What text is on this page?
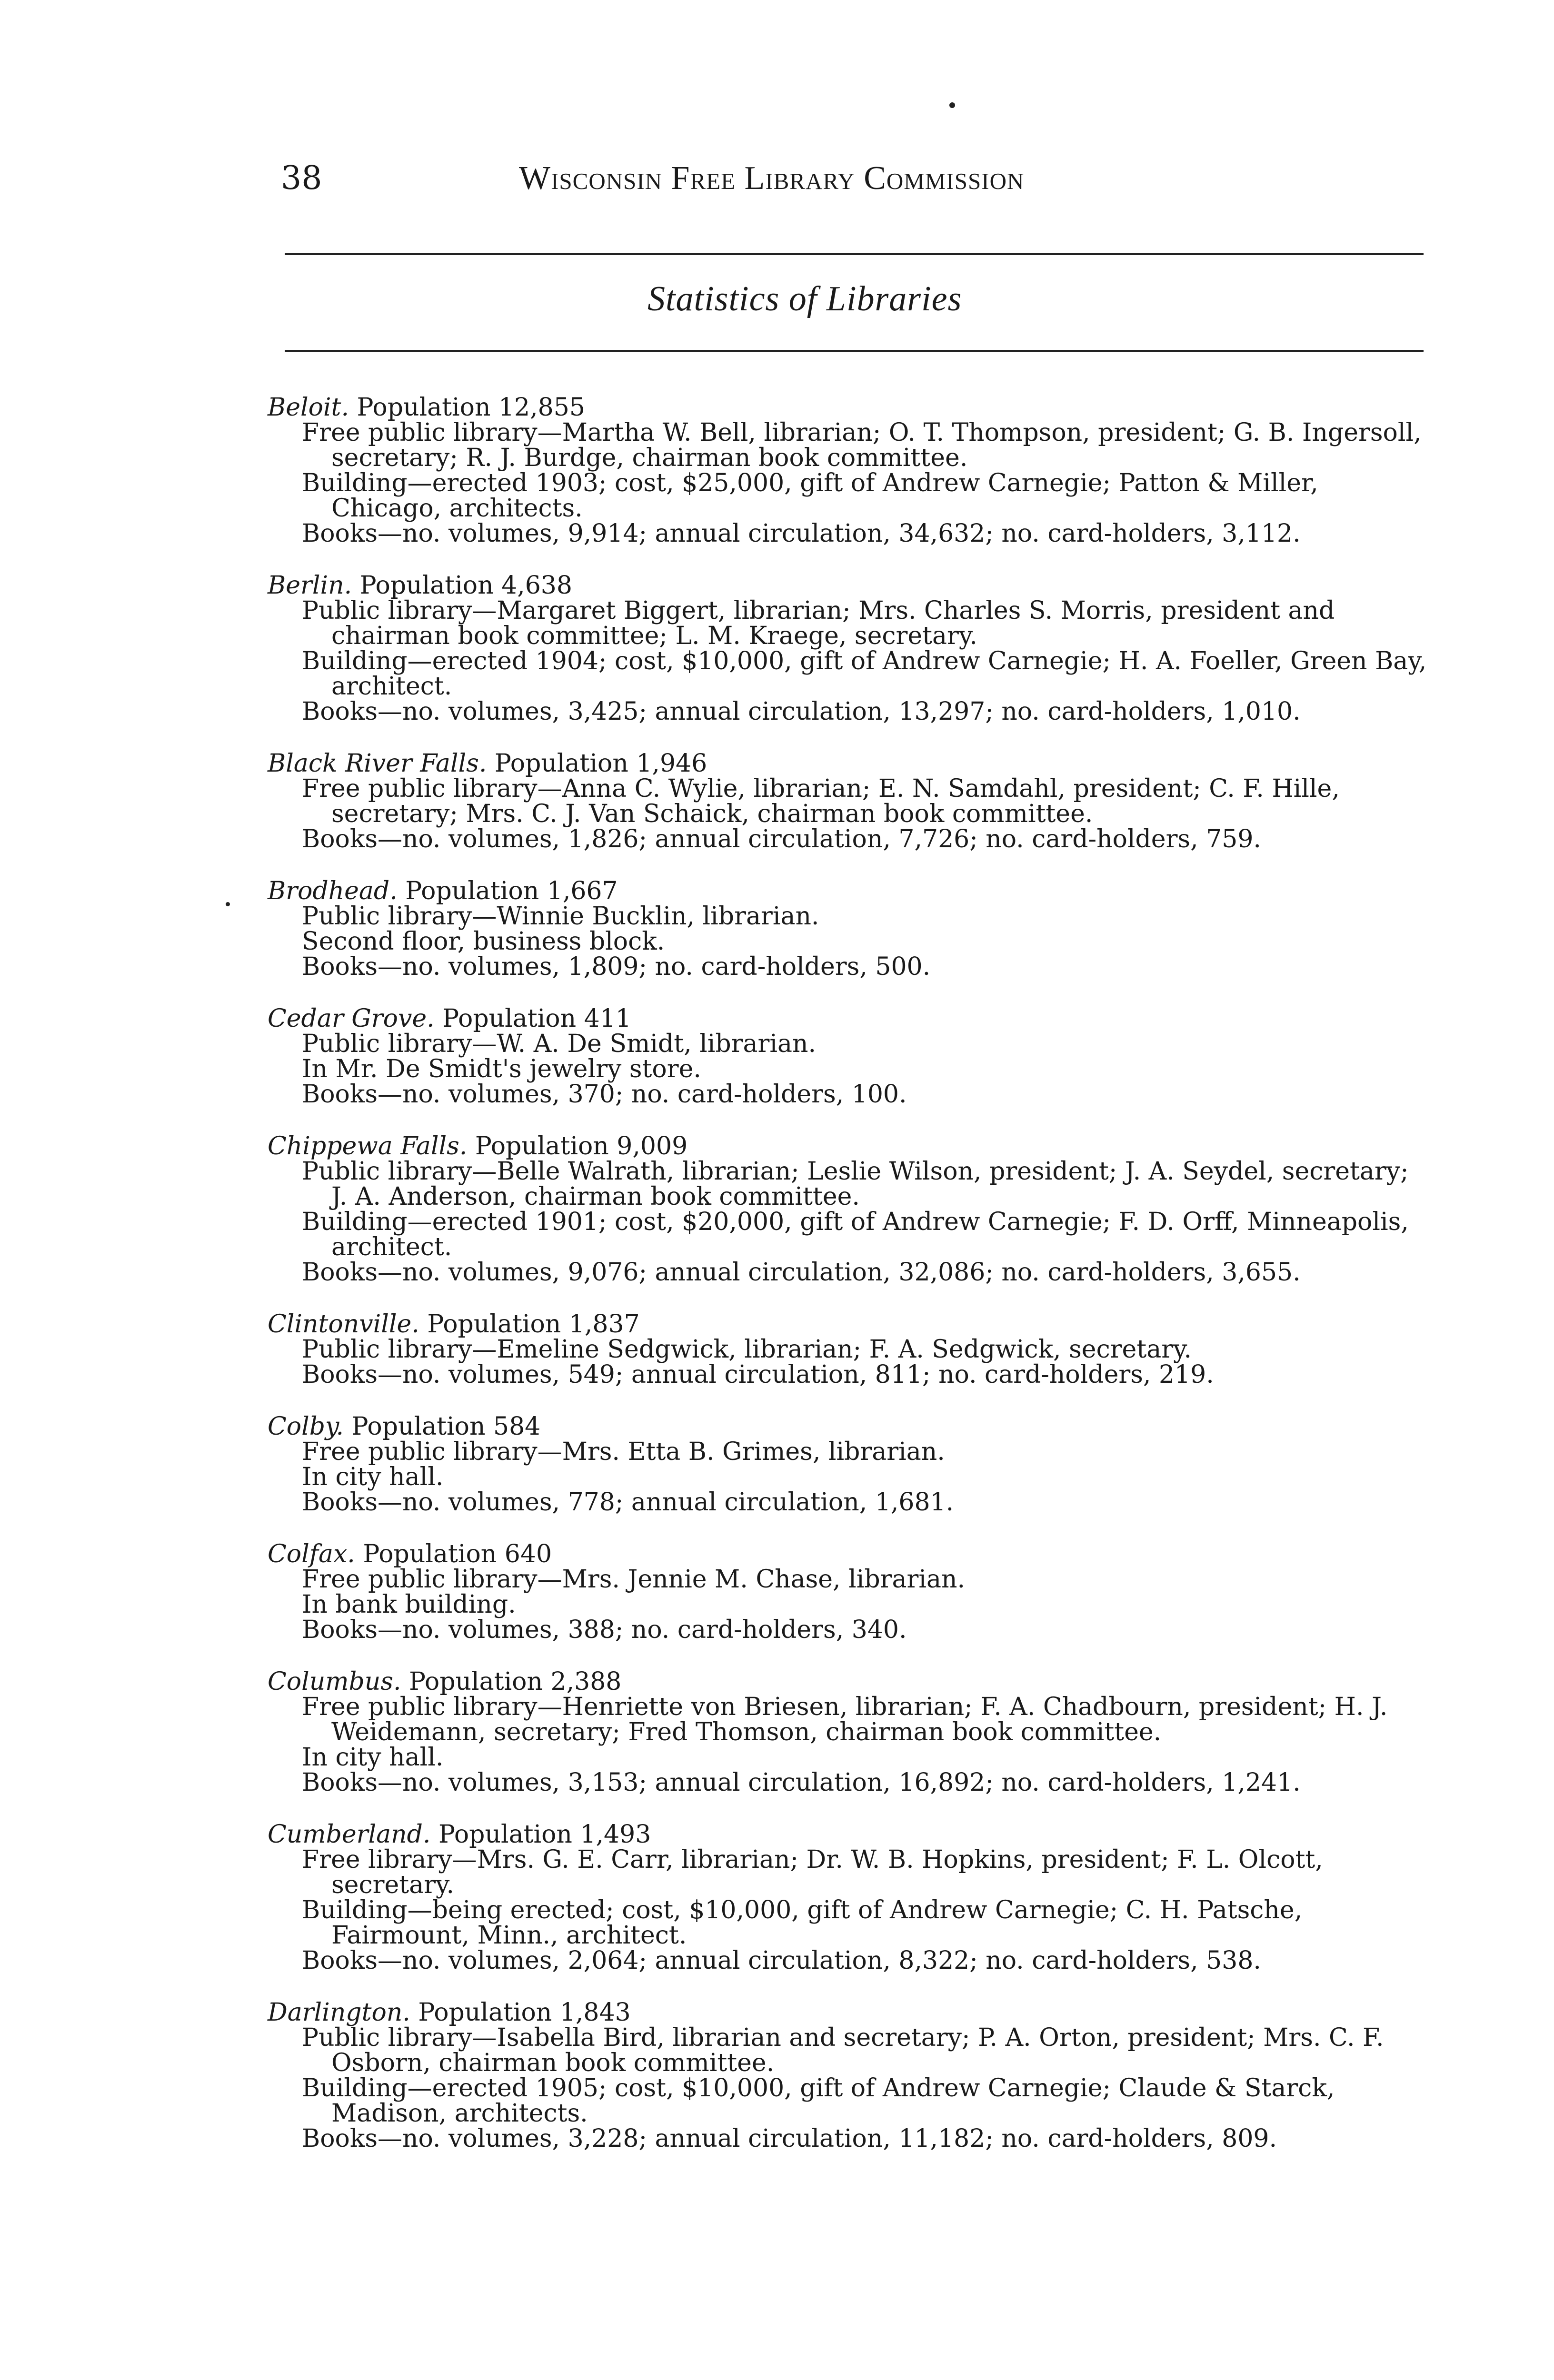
38	Wisconsin Free Library Commission
Statistics of Libraries
Beloit. Population 12,855
Free public library—Martha W. Bell, librarian; O. T. Thompson, president; G. B. Ingersoll, secretary; R. J. Burdge, chairman book committee.
Building—erected 1903; cost, $25,000, gift of Andrew Carnegie; Patton & Miller, Chicago, architects.
Books—no. volumes, 9,914; annual circulation, 34,632; no. card-holders, 3,112.
Berlin. Population 4,638
Public library—Margaret Biggert, librarian; Mrs. Charles S. Morris, president and chairman book committee; L. M. Kraege, secretary.
Building—erected 1904; cost, $10,000, gift of Andrew Carnegie; H. A. Foeller, Green Bay, architect.
Books—no. volumes, 3,425; annual circulation, 13,297; no. card-holders, 1,010.
Black River Falls. Population 1,946
Free public library—Anna C. Wylie, librarian; E. N. Samdahl, president; C. F. Hille, secretary; Mrs. C. J. Van Schaick, chairman book committee.
Books—no. volumes, 1,826; annual circulation, 7,726; no. card-holders, 759.
Brodhead. Population 1,667
Public library—Winnie Bucklin, librarian.
Second floor, business block.
Books—no. volumes, 1,809; no. card-holders, 500.
Cedar Grove. Population 411
Public library—W. A. De Smidt, librarian.
In Mr. De Smidt's jewelry store.
Books—no. volumes, 370; no. card-holders, 100.
Chippewa Falls. Population 9,009
Public library—Belle Walrath, librarian; Leslie Wilson, president; J. A. Seydel, secretary; J. A. Anderson, chairman book committee.
Building—erected 1901; cost, $20,000, gift of Andrew Carnegie; F. D. Orff, Minneapolis, architect.
Books—no. volumes, 9,076; annual circulation, 32,086; no. card-holders, 3,655.
Clintonville. Population 1,837
Public library—Emeline Sedgwick, librarian; F. A. Sedgwick, secretary.
Books—no. volumes, 549; annual circulation, 811; no. card-holders, 219.
Colby. Population 584
Free public library—Mrs. Etta B. Grimes, librarian.
In city hall.
Books—no. volumes, 778; annual circulation, 1,681.
Colfax. Population 640
Free public library—Mrs. Jennie M. Chase, librarian.
In bank building.
Books—no. volumes, 388; no. card-holders, 340.
Columbus. Population 2,388
Free public library—Henriette von Briesen, librarian; F. A. Chadbourn, president; H. J. Weidemann, secretary; Fred Thomson, chairman book committee.
In city hall.
Books—no. volumes, 3,153; annual circulation, 16,892; no. card-holders, 1,241.
Cumberland. Population 1,493
Free library—Mrs. G. E. Carr, librarian; Dr. W. B. Hopkins, president; F. L. Olcott, secretary.
Building—being erected; cost, $10,000, gift of Andrew Carnegie; C. H. Patsche, Fairmount, Minn., architect.
Books—no. volumes, 2,064; annual circulation, 8,322; no. card-holders, 538.
Darlington. Population 1,843
Public library—Isabella Bird, librarian and secretary; P. A. Orton, president; Mrs. C. F. Osborn, chairman book committee.
Building—erected 1905; cost, $10,000, gift of Andrew Carnegie; Claude & Starck, Madison, architects.
Books—no. volumes, 3,228; annual circulation, 11,182; no. card-holders, 809.
